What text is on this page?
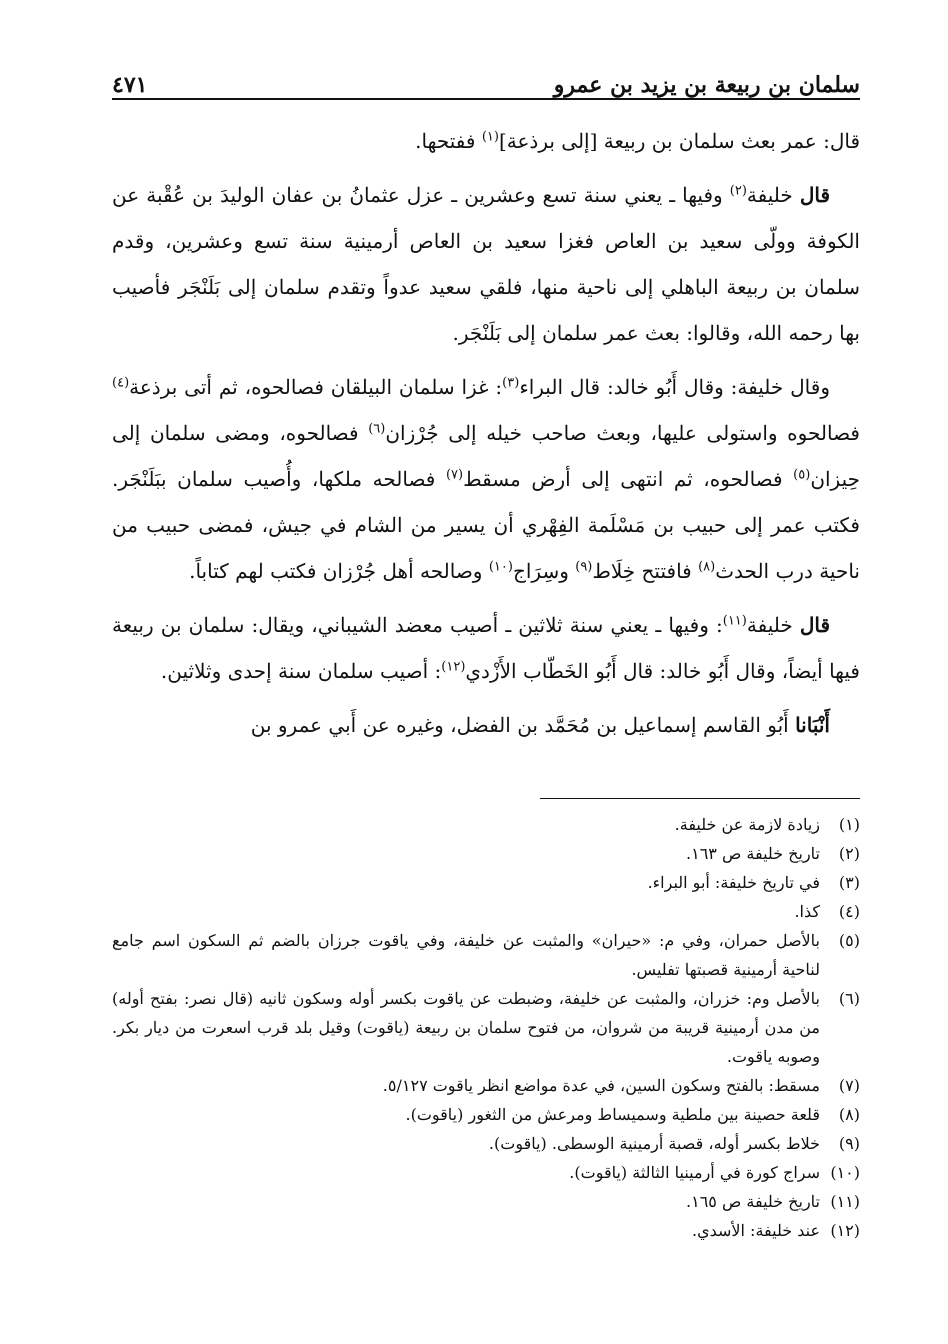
سلمان بن ربيعة بن يزيد بن عمرو
٤٧١

قال: عمر بعث سلمان بن ربيعة [إلى برذعة]$^{(١)}$ ففتحها.

قال خليفة$^{(٢)}$ وفيها ـ يعني سنة تسع وعشرين ـ عزل عثمانُ بن عفان الوليدَ بن عُقْبة عن الكوفة وولّى سعيد بن العاص فغزا سعيد بن العاص أرمينية سنة تسع وعشرين، وقدم سلمان بن ربيعة الباهلي إلى ناحية منها، فلقي سعيد عدواً وتقدم سلمان إلى بَلَنْجَر فأصيب بها رحمه الله، وقالوا: بعث عمر سلمان إلى بَلَنْجَر.

وقال خليفة: وقال أَبُو خالد: قال البراء$^{(٣)}$: غزا سلمان البيلقان فصالحوه، ثم أتى برذعة$^{(٤)}$ فصالحوه واستولى عليها، وبعث صاحب خيله إلى جُرْزان$^{(٦)}$ فصالحوه، ومضى سلمان إلى حِيزان$^{(٥)}$ فصالحوه، ثم انتهى إلى أرض مسقط$^{(٧)}$ فصالحه ملكها، وأُصيب سلمان ببَلَنْجَر. فكتب عمر إلى حبيب بن مَسْلَمة الفِهْري أن يسير من الشام في جيش، فمضى حبيب من ناحية درب الحدث$^{(٨)}$ فافتتح خِلَاط$^{(٩)}$ وسِرَاج$^{(١٠)}$ وصالحه أهل جُرْزان فكتب لهم كتاباً.

قال خليفة$^{(١١)}$: وفيها ـ يعني سنة ثلاثين ـ أصيب معضد الشيباني، ويقال: سلمان بن ربيعة فيها أيضاً، وقال أَبُو خالد: قال أَبُو الخَطّاب الأَزْدي$^{(١٢)}$: أصيب سلمان سنة إحدى وثلاثين.

أَنْبَانا أَبُو القاسم إسماعيل بن مُحَمَّد بن الفضل، وغيره عن أَبي عمرو بن

(١)
زيادة لازمة عن خليفة.
(٢)
تاريخ خليفة ص ١٦٣.
(٣)
في تاريخ خليفة: أبو البراء.
(٤)
كذا.
(٥)
بالأصل حمران، وفي م: «حيران» والمثبت عن خليفة، وفي ياقوت جرزان بالضم ثم السكون اسم جامع لناحية أرمينية قصبتها تفليس.
(٦)
بالأصل وم: خزران، والمثبت عن خليفة، وضبطت عن ياقوت بكسر أوله وسكون ثانيه (قال نصر: بفتح أوله) من مدن أرمينية قريبة من شروان، من فتوح سلمان بن ربيعة (ياقوت) وقيل بلد قرب اسعرت من ديار بكر. وصوبه ياقوت.
(٧)
مسقط: بالفتح وسكون السين، في عدة مواضع انظر ياقوت ٥/١٢٧.
(٨)
قلعة حصينة بين ملطية وسميساط ومرعش من الثغور (ياقوت).
(٩)
خلاط بكسر أوله، قصبة أرمينية الوسطى. (ياقوت).
(١٠)
سراج كورة في أرمينيا الثالثة (ياقوت).
(١١)
تاريخ خليفة ص ١٦٥.
(١٢)
عند خليفة: الأسدي.
